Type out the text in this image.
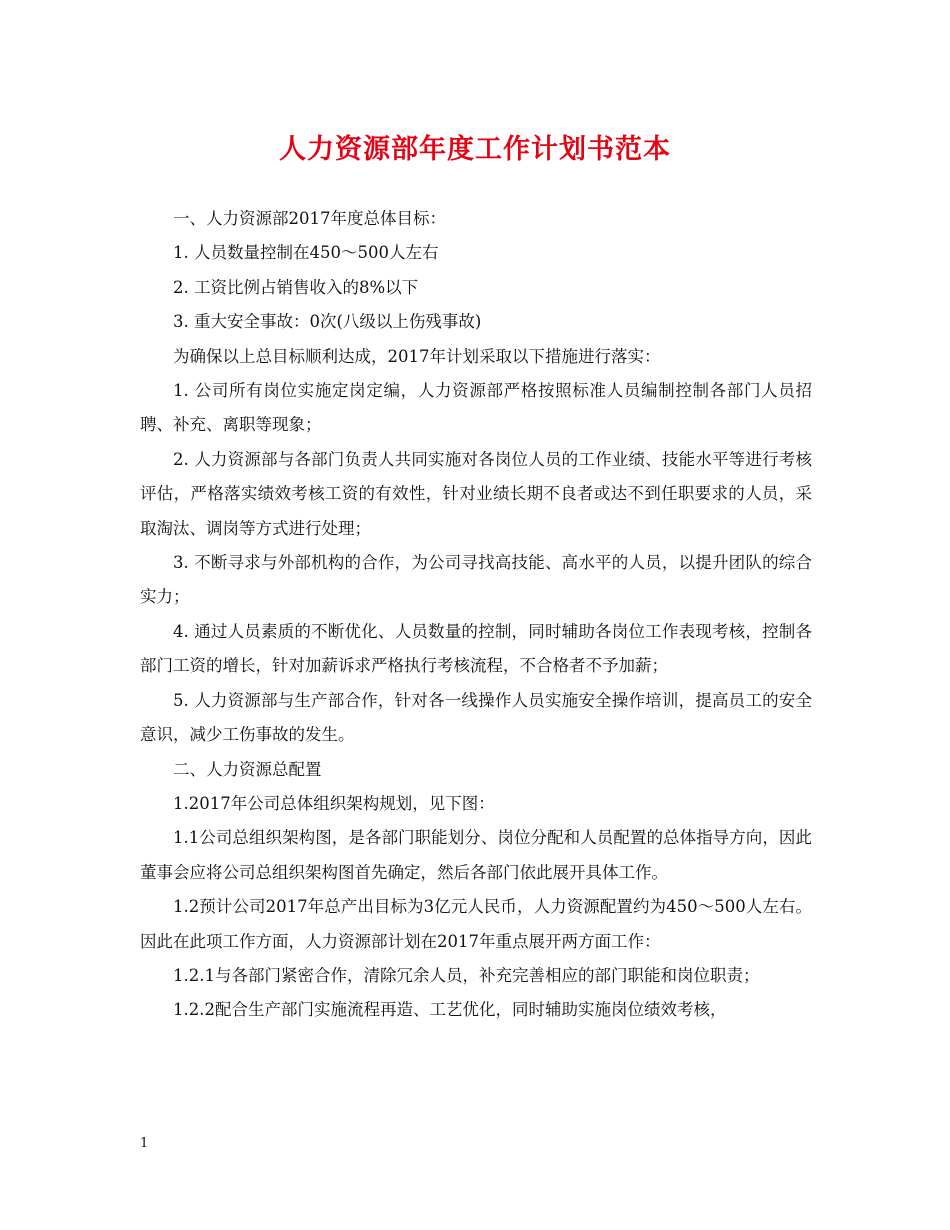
人力资源部年度工作计划书范本

一、人力资源部2017年度总体目标：

1. 人员数量控制在450～500人左右

2. 工资比例占销售收入的8%以下

3. 重大安全事故：0次(八级以上伤残事故)

为确保以上总目标顺利达成，2017年计划采取以下措施进行落实：

1. 公司所有岗位实施定岗定编，人力资源部严格按照标准人员编制控制各部门人员招聘、补充、离职等现象；

2. 人力资源部与各部门负责人共同实施对各岗位人员的工作业绩、技能水平等进行考核评估，严格落实绩效考核工资的有效性，针对业绩长期不良者或达不到任职要求的人员，采取淘汰、调岗等方式进行处理；

3. 不断寻求与外部机构的合作，为公司寻找高技能、高水平的人员，以提升团队的综合实力；

4. 通过人员素质的不断优化、人员数量的控制，同时辅助各岗位工作表现考核，控制各部门工资的增长，针对加薪诉求严格执行考核流程，不合格者不予加薪；

5. 人力资源部与生产部合作，针对各一线操作人员实施安全操作培训，提高员工的安全意识，减少工伤事故的发生。

二、人力资源总配置

1.2017年公司总体组织架构规划，见下图：

1.1公司总组织架构图，是各部门职能划分、岗位分配和人员配置的总体指导方向，因此董事会应将公司总组织架构图首先确定，然后各部门依此展开具体工作。

1.2预计公司2017年总产出目标为3亿元人民币，人力资源配置约为450～500人左右。因此在此项工作方面，人力资源部计划在2017年重点展开两方面工作：

1.2.1与各部门紧密合作，清除冗余人员，补充完善相应的部门职能和岗位职责；

1.2.2配合生产部门实施流程再造、工艺优化，同时辅助实施岗位绩效考核，

1
